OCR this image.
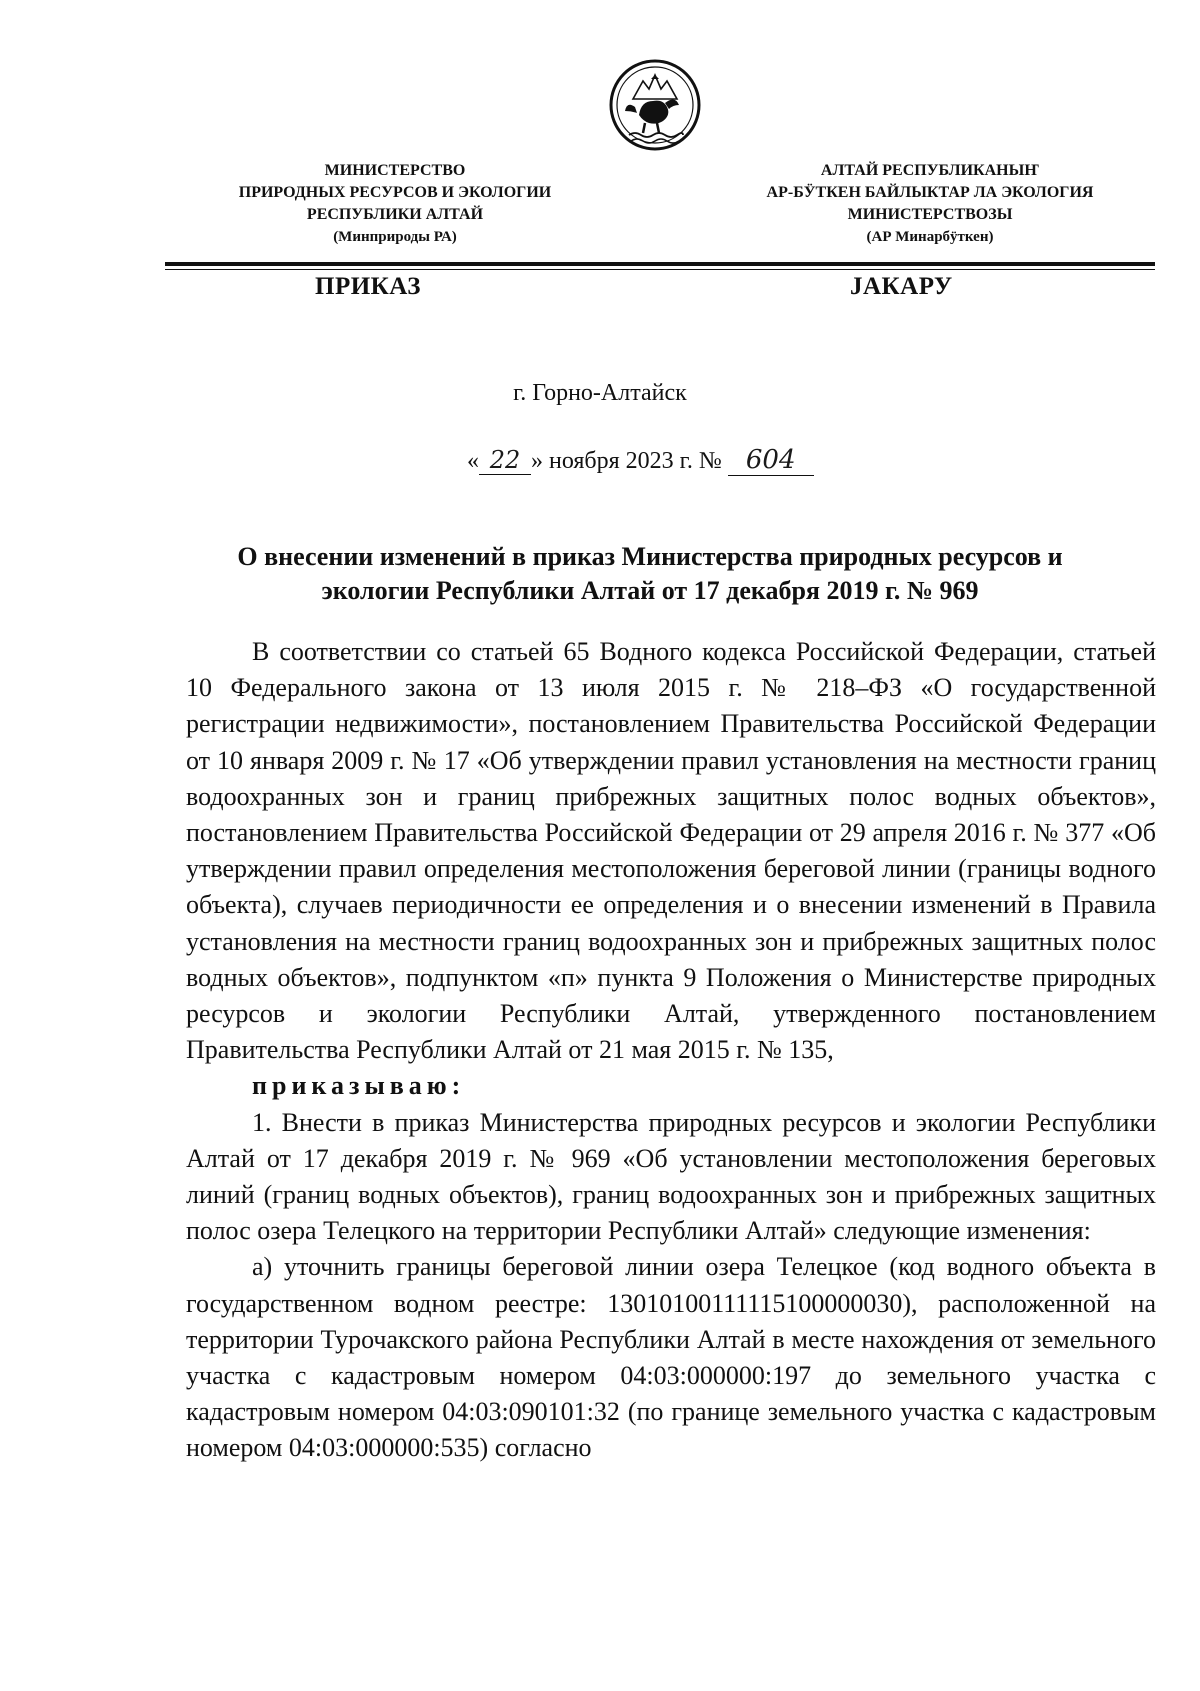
МИНИСТЕРСТВО
ПРИРОДНЫХ РЕСУРСОВ И ЭКОЛОГИИ
РЕСПУБЛИКИ АЛТАЙ
(Минприроды РА)
АЛТАЙ РЕСПУБЛИКАНЫҤ
АР-БӰТКЕН БАЙЛЫКТАР ЛА ЭКОЛОГИЯ
МИНИСТЕРСТВОЗЫ
(АР Минарбӱткен)
ПРИКАЗ	JАКАРУ
г. Горно-Алтайск
« 22 » ноября 2023 г. № 604
О внесении изменений в приказ Министерства природных ресурсов и
экологии Республики Алтай от 17 декабря 2019 г. № 969

В соответствии со статьей 65 Водного кодекса Российской Федерации, статьей 10 Федерального закона от 13 июля 2015 г. № 218–ФЗ «О государственной регистрации недвижимости», постановлением Правительства Российской Федерации от 10 января 2009 г. № 17 «Об утверждении правил установления на местности границ водоохранных зон и границ прибрежных защитных полос водных объектов», постановлением Правительства Российской Федерации от 29 апреля 2016 г. № 377 «Об утверждении правил определения местоположения береговой линии (границы водного объекта), случаев периодичности ее определения и о внесении изменений в Правила установления на местности границ водоохранных зон и прибрежных защитных полос водных объектов», подпунктом «п» пункта 9 Положения о Министерстве природных ресурсов и экологии Республики Алтай, утвержденного постановлением Правительства Республики Алтай от 21 мая 2015 г. № 135,

приказываю:

1. Внести в приказ Министерства природных ресурсов и экологии Республики Алтай от 17 декабря 2019 г. № 969 «Об установлении местоположения береговых линий (границ водных объектов), границ водоохранных зон и прибрежных защитных полос озера Телецкого на территории Республики Алтай» следующие изменения:

а) уточнить границы береговой линии озера Телецкое (код водного объекта в государственном водном реестре: 13010100111115100000030), расположенной на территории Турочакского района Республики Алтай в месте нахождения от земельного участка с кадастровым номером 04:03:000000:197 до земельного участка с кадастровым номером 04:03:090101:32 (по границе земельного участка с кадастровым номером 04:03:000000:535) согласно
